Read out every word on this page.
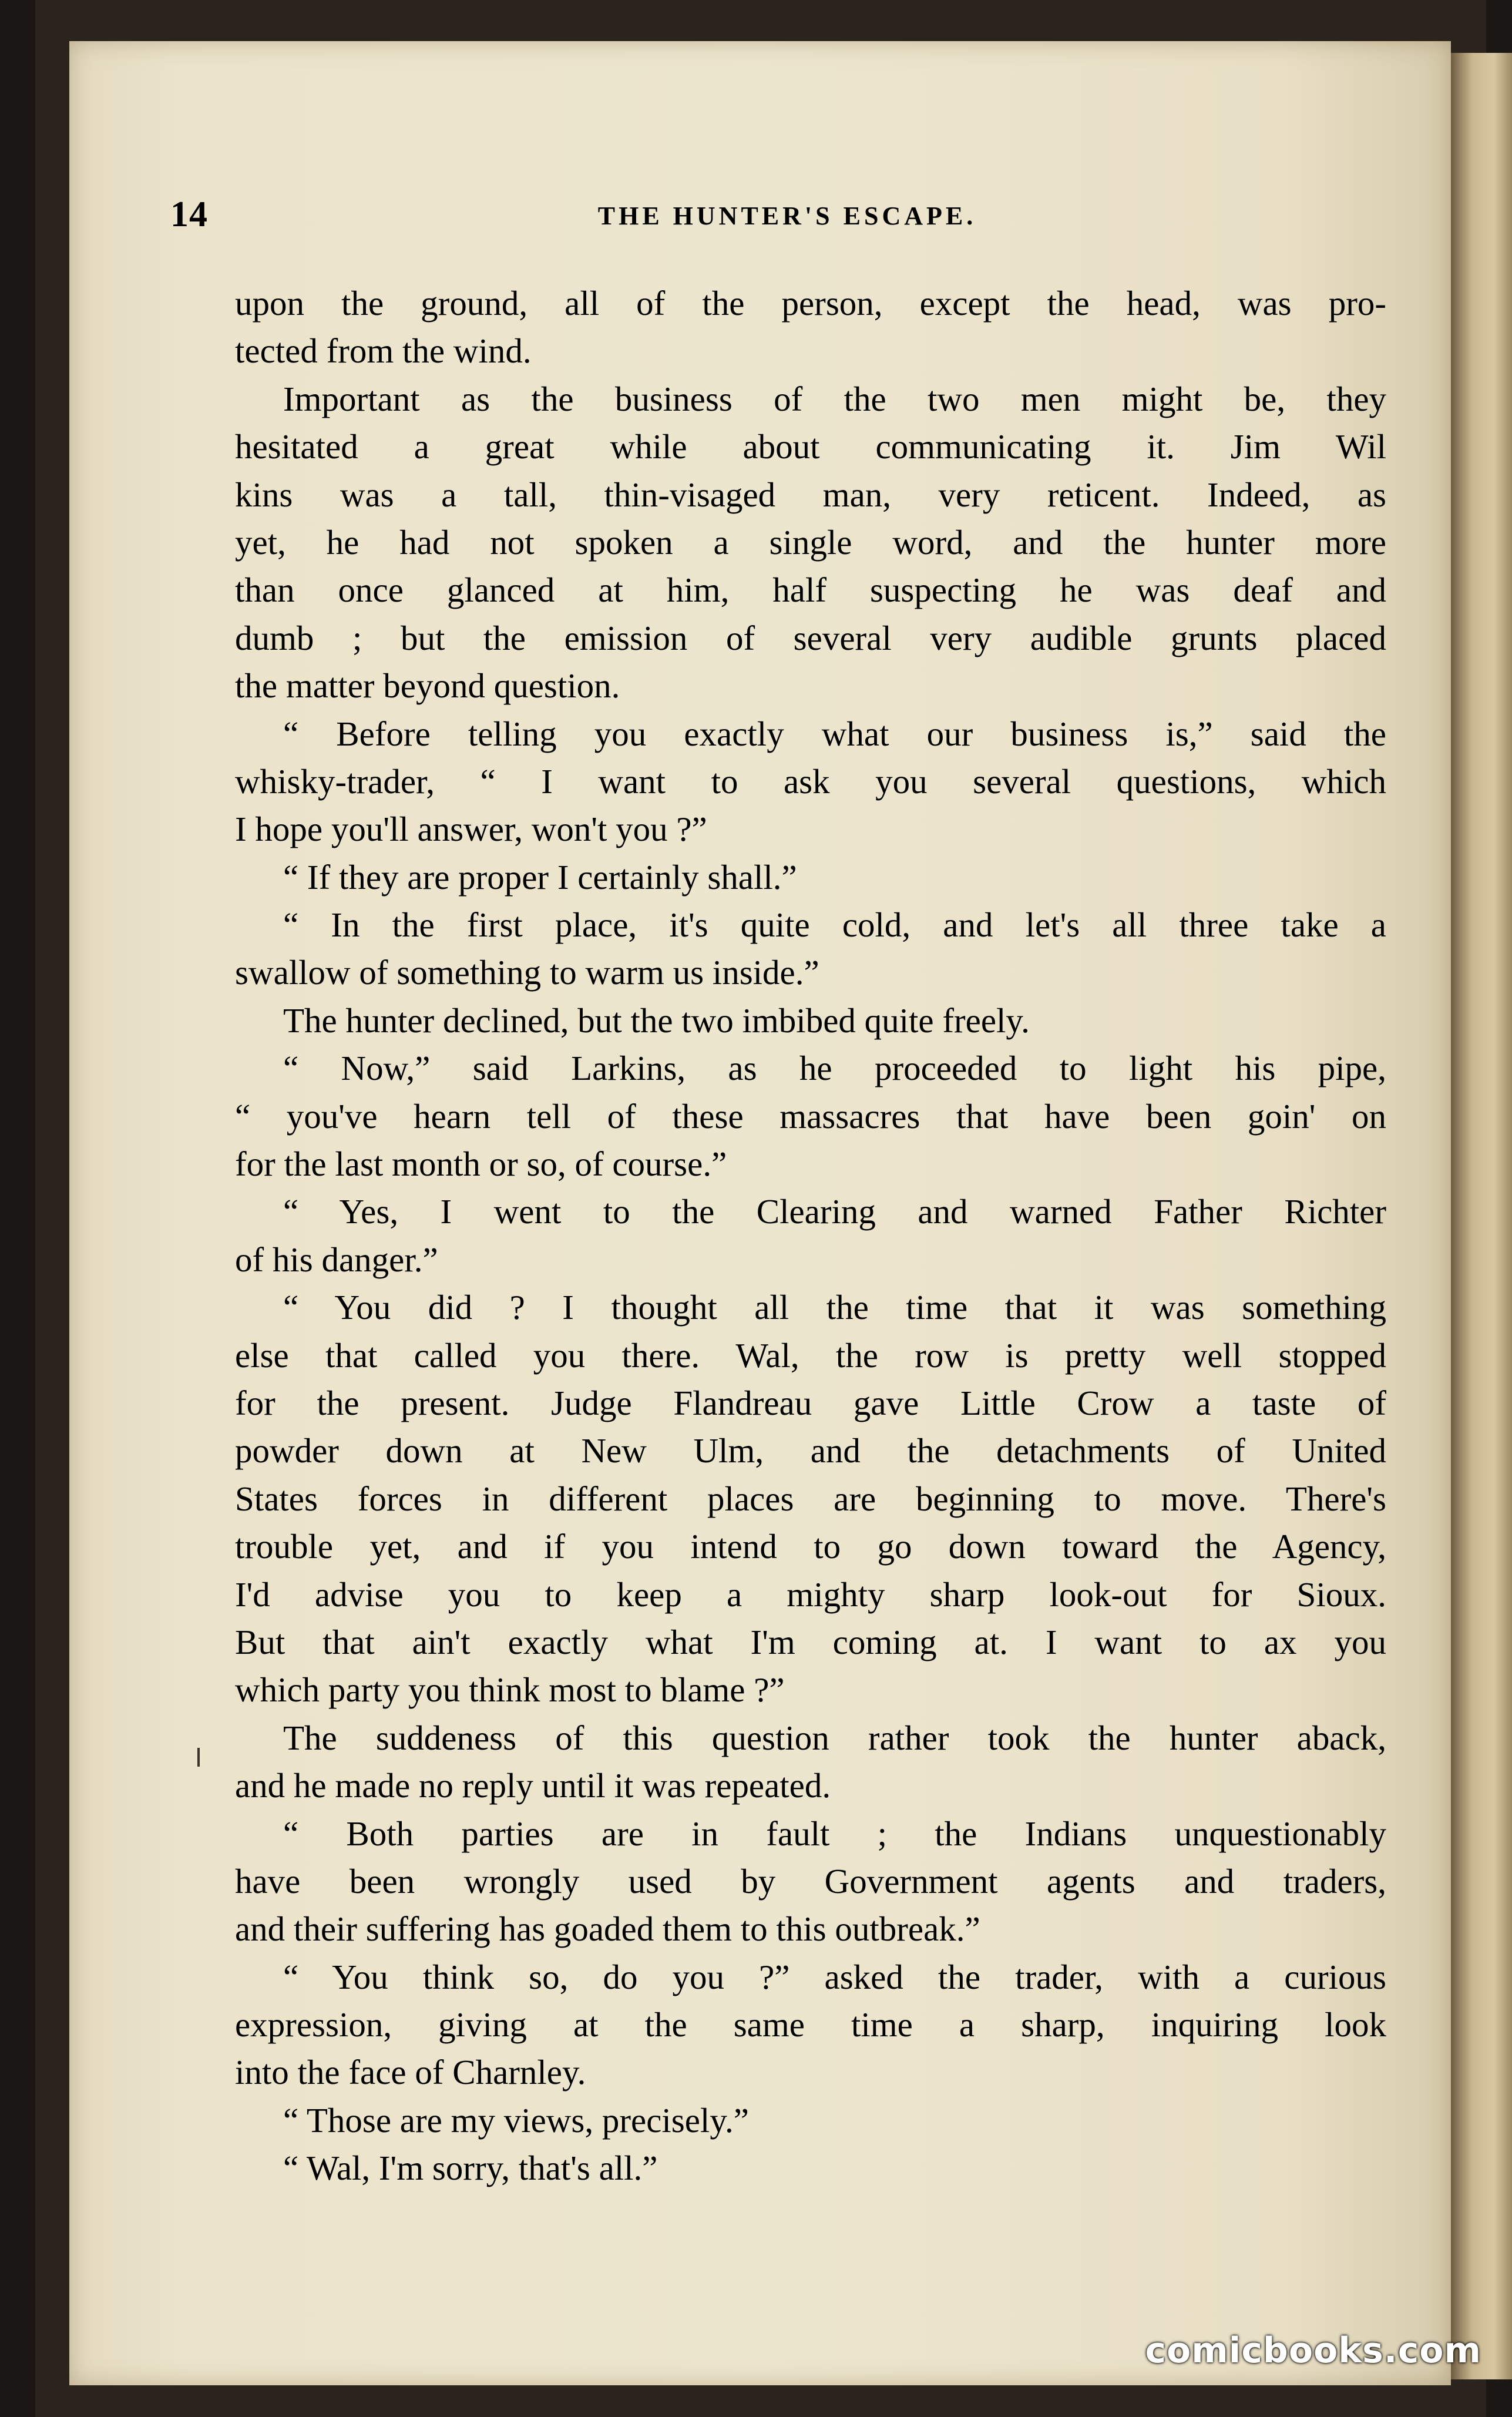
14	THE HUNTER'S ESCAPE.
upon the ground, all of the person, except the head, was pro-
tected from the wind.
Important as the business of the two men might be, they
hesitated a great while about communicating it. Jim Wil
kins was a tall, thin-visaged man, very reticent. Indeed, as
yet, he had not spoken a single word, and the hunter more
than once glanced at him, half suspecting he was deaf and
dumb ; but the emission of several very audible grunts placed
the matter beyond question.
“ Before telling you exactly what our business is,” said the
whisky-trader, “ I want to ask you several questions, which
I hope you'll answer, won't you ?”
“ If they are proper I certainly shall.”
“ In the first place, it's quite cold, and let's all three take a
swallow of something to warm us inside.”
The hunter declined, but the two imbibed quite freely.
“ Now,” said Larkins, as he proceeded to light his pipe,
“ you've hearn tell of these massacres that have been goin' on
for the last month or so, of course.”
“ Yes, I went to the Clearing and warned Father Richter
of his danger.”
“ You did ? I thought all the time that it was something
else that called you there. Wal, the row is pretty well stopped
for the present. Judge Flandreau gave Little Crow a taste of
powder down at New Ulm, and the detachments of United
States forces in different places are beginning to move. There's
trouble yet, and if you intend to go down toward the Agency,
I'd advise you to keep a mighty sharp look-out for Sioux.
But that ain't exactly what I'm coming at. I want to ax you
which party you think most to blame ?”
The suddeness of this question rather took the hunter aback,
and he made no reply until it was repeated.
“ Both parties are in fault ; the Indians unquestionably
have been wrongly used by Government agents and traders,
and their suffering has goaded them to this outbreak.”
“ You think so, do you ?” asked the trader, with a curious
expression, giving at the same time a sharp, inquiring look
into the face of Charnley.
“ Those are my views, precisely.”
“ Wal, I'm sorry, that's all.”
comicbooks.com
